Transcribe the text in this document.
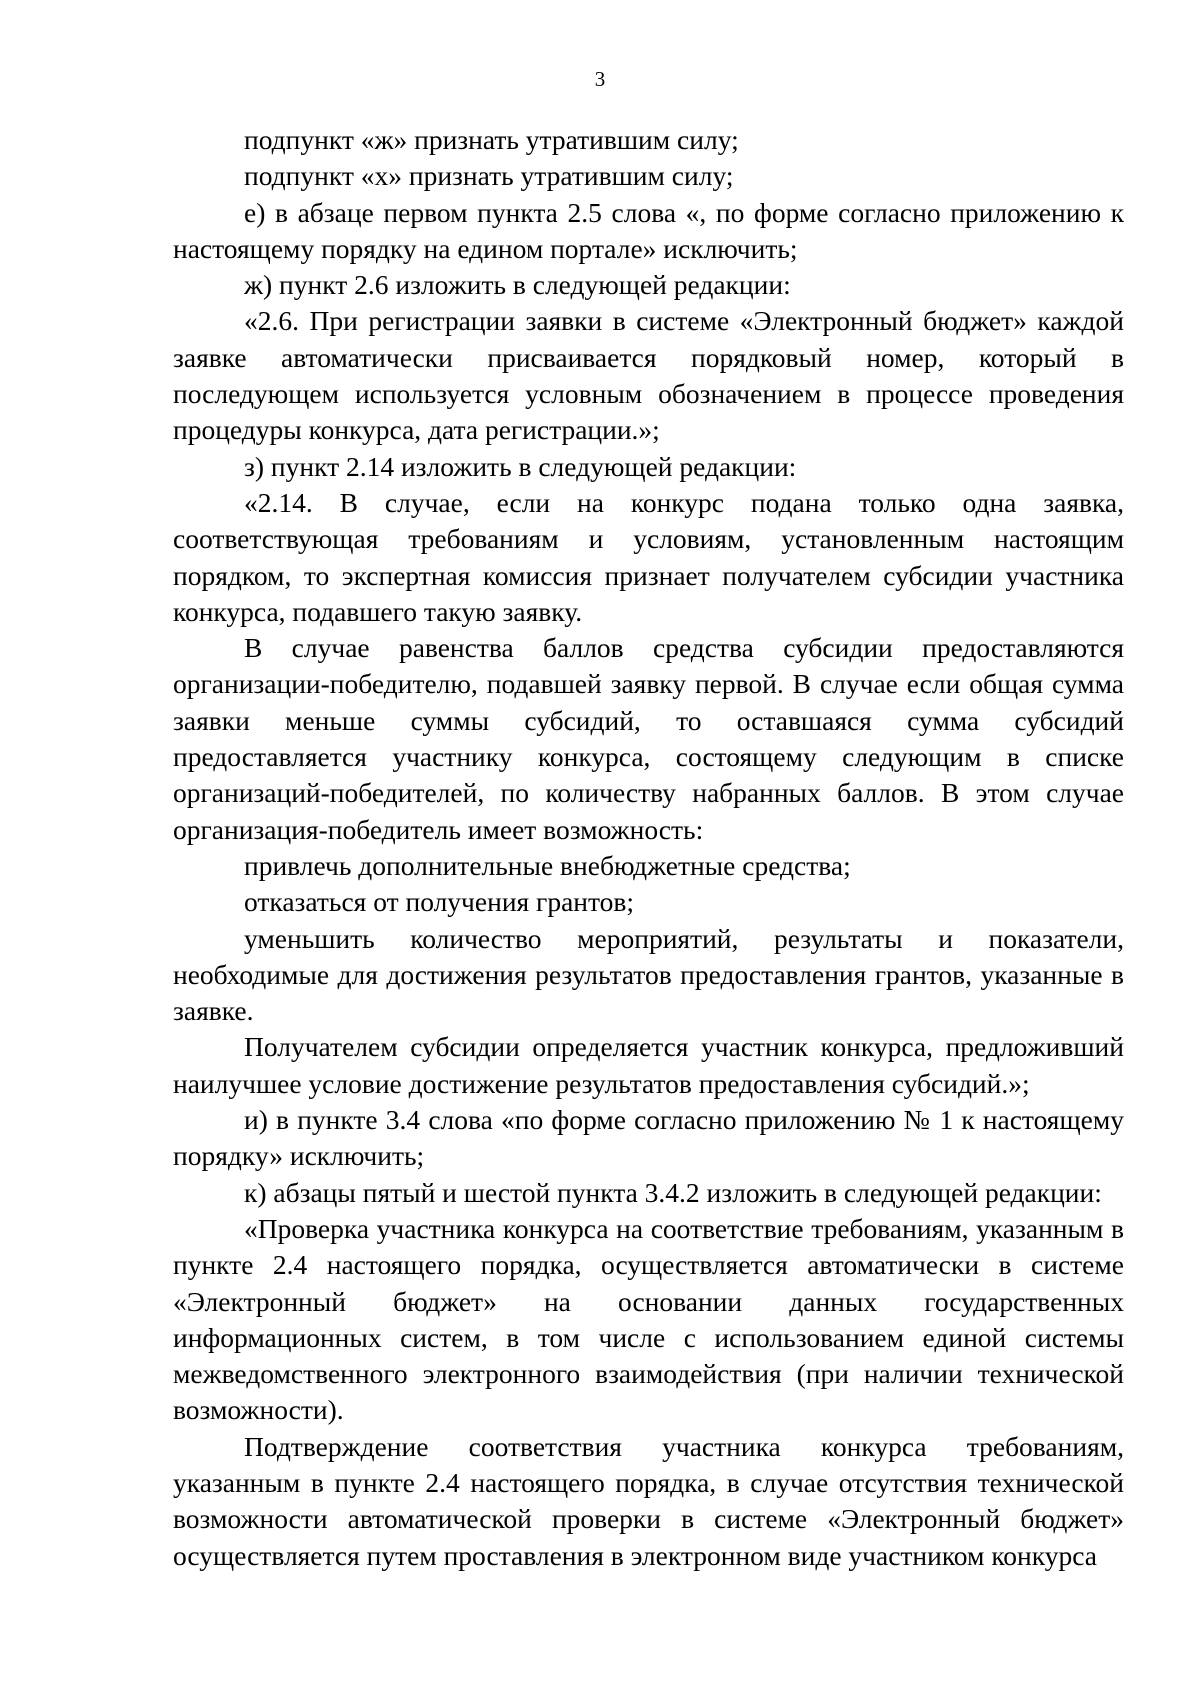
3

подпункт «ж» признать утратившим силу;

подпункт «х» признать утратившим силу;

е) в абзаце первом пункта 2.5 слова «, по форме согласно приложению к настоящему порядку на едином портале» исключить;

ж) пункт 2.6 изложить в следующей редакции:

«2.6. При регистрации заявки в системе «Электронный бюджет» каждой заявке автоматически присваивается порядковый номер, который в последующем используется условным обозначением в процессе проведения процедуры конкурса, дата регистрации.»;

з) пункт 2.14 изложить в следующей редакции:

«2.14. В случае, если на конкурс подана только одна заявка, соответствующая требованиям и условиям, установленным настоящим порядком, то экспертная комиссия признает получателем субсидии участника конкурса, подавшего такую заявку.

В случае равенства баллов средства субсидии предоставляются организации-победителю, подавшей заявку первой. В случае если общая сумма заявки меньше суммы субсидий, то оставшаяся сумма субсидий предоставляется участнику конкурса, состоящему следующим в списке организаций-победителей, по количеству набранных баллов. В этом случае организация-победитель имеет возможность:

привлечь дополнительные внебюджетные средства;

отказаться от получения грантов;

уменьшить количество мероприятий, результаты и показатели, необходимые для достижения результатов предоставления грантов, указанные в заявке.

Получателем субсидии определяется участник конкурса, предложивший наилучшее условие достижение результатов предоставления субсидий.»;

и) в пункте 3.4 слова «по форме согласно приложению № 1 к настоящему порядку» исключить;

к) абзацы пятый и шестой пункта 3.4.2 изложить в следующей редакции:

«Проверка участника конкурса на соответствие требованиям, указанным в пункте 2.4 настоящего порядка, осуществляется автоматически в системе «Электронный бюджет» на основании данных государственных информационных систем, в том числе с использованием единой системы межведомственного электронного взаимодействия (при наличии технической возможности).

Подтверждение соответствия участника конкурса требованиям, указанным в пункте 2.4 настоящего порядка, в случае отсутствия технической возможности автоматической проверки в системе «Электронный бюджет» осуществляется путем проставления в электронном виде участником конкурса
